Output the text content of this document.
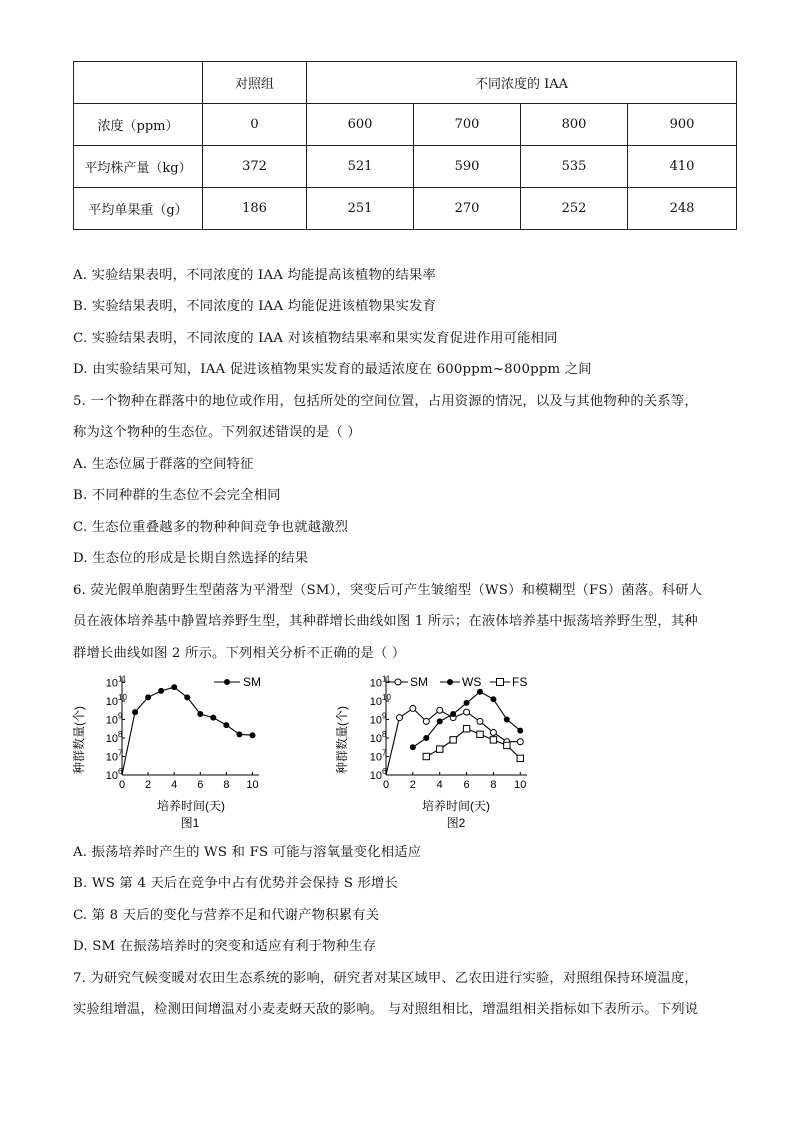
	对照组	不同浓度的 IAA			
浓度（ppm）	0	600	700	800	900
平均株产量（kg）	372	521	590	535	410
平均单果重（g）	186	251	270	252	248
A. 实验结果表明，不同浓度的 IAA 均能提高该植物的结果率
B. 实验结果表明，不同浓度的 IAA 均能促进该植物果实发育
C. 实验结果表明，不同浓度的 IAA 对该植物结果率和果实发育促进作用可能相同
D. 由实验结果可知，IAA 促进该植物果实发育的最适浓度在 600ppm~800ppm 之间
5. 一个物种在群落中的地位或作用，包括所处的空间位置，占用资源的情况，以及与其他物种的关系等，
称为这个物种的生态位。下列叙述错误的是（ ）
A. 生态位属于群落的空间特征
B. 不同种群的生态位不会完全相同
C. 生态位重叠越多的物种种间竞争也就越激烈
D. 生态位的形成是长期自然选择的结果
6. 荧光假单胞菌野生型菌落为平滑型（SM），突变后可产生皱缩型（WS）和模糊型（FS）菌落。科研人
员在液体培养基中静置培养野生型，其种群增长曲线如图 1 所示；在液体培养基中振荡培养野生型，其种
群增长曲线如图 2 所示。下列相关分析不正确的是（ ）
种群数量(个)
培养时间(天)
图1
10 6
10 7
10 8
10 9
10 10
10 11
0 2 4 6 8 10
SM
种群数量(个)
培养时间(天)
图2
10 6
10 7
10 8
10 9
10 10
10 11
0 2 4 6 8 10
SM	WS	FS
A. 振荡培养时产生的 WS 和 FS 可能与溶氧量变化相适应
B. WS 第 4 天后在竞争中占有优势并会保持 S 形增长
C. 第 8 天后的变化与营养不足和代谢产物积累有关
D. SM 在振荡培养时的突变和适应有利于物种生存
7. 为研究气候变暖对农田生态系统的影响，研究者对某区域甲、乙农田进行实验，对照组保持环境温度，
实验组增温，检测田间增温对小麦麦蚜天敌的影响。 与对照组相比，增温组相关指标如下表所示。下列说
